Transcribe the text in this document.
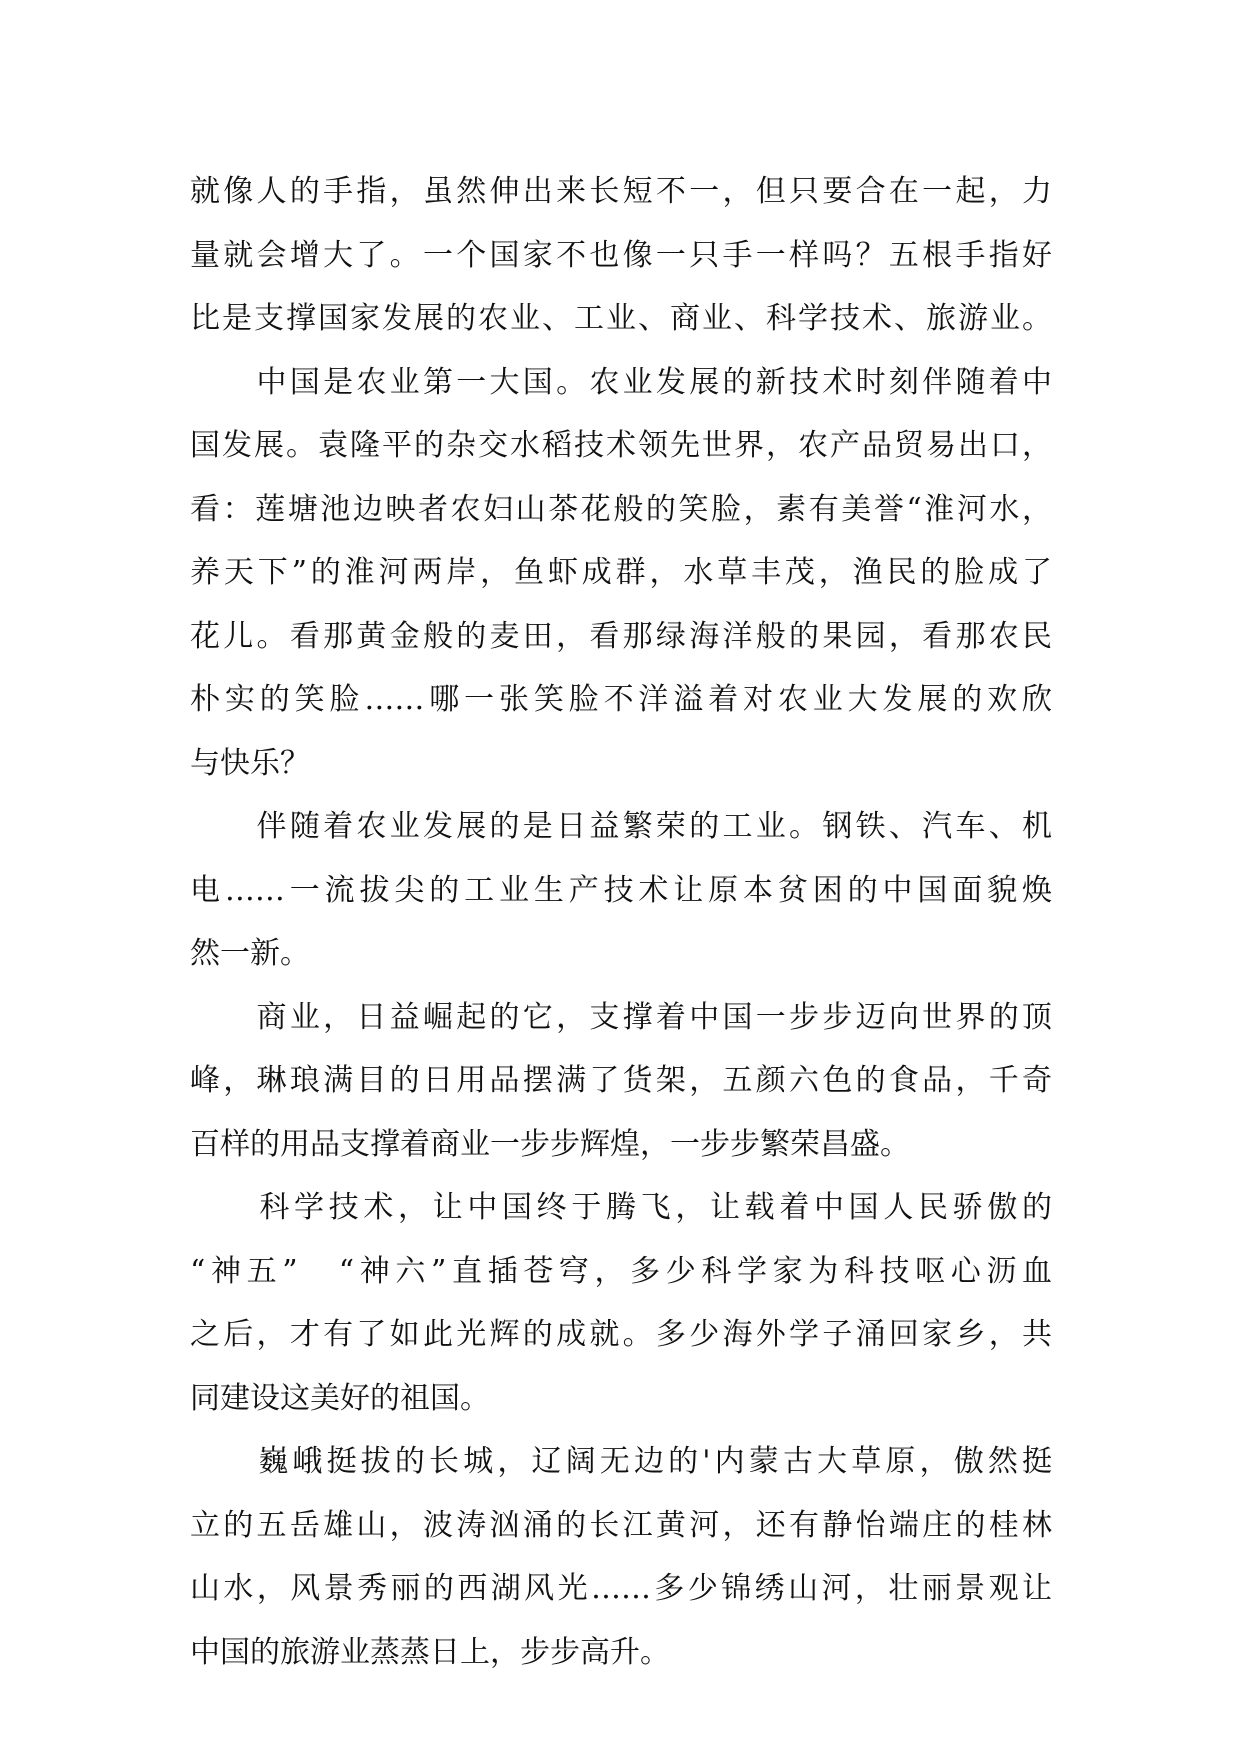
就像人的手指，虽然伸出来长短不一，但只要合在一起，力
量就会增大了。一个国家不也像一只手一样吗？五根手指好
比是支撑国家发展的农业、工业、商业、科学技术、旅游业。
　　中国是农业第一大国。农业发展的新技术时刻伴随着中
国发展。袁隆平的杂交水稻技术领先世界，农产品贸易出口，
看：莲塘池边映者农妇山茶花般的笑脸，素有美誉“淮河水，
养天下”的淮河两岸，鱼虾成群，水草丰茂，渔民的脸成了
花儿。看那黄金般的麦田，看那绿海洋般的果园，看那农民
朴实的笑脸……哪一张笑脸不洋溢着对农业大发展的欢欣
与快乐？
　　伴随着农业发展的是日益繁荣的工业。钢铁、汽车、机
电……一流拔尖的工业生产技术让原本贫困的中国面貌焕
然一新。
　　商业，日益崛起的它，支撑着中国一步步迈向世界的顶
峰，琳琅满目的日用品摆满了货架，五颜六色的食品，千奇
百样的用品支撑着商业一步步辉煌，一步步繁荣昌盛。
　　科学技术，让中国终于腾飞，让载着中国人民骄傲的
“神五”　“神六”直插苍穹，多少科学家为科技呕心沥血
之后，才有了如此光辉的成就。多少海外学子涌回家乡，共
同建设这美好的祖国。
　　巍峨挺拔的长城，辽阔无边的'内蒙古大草原，傲然挺
立的五岳雄山，波涛汹涌的长江黄河，还有静怡端庄的桂林
山水，风景秀丽的西湖风光……多少锦绣山河，壮丽景观让
中国的旅游业蒸蒸日上，步步高升。
